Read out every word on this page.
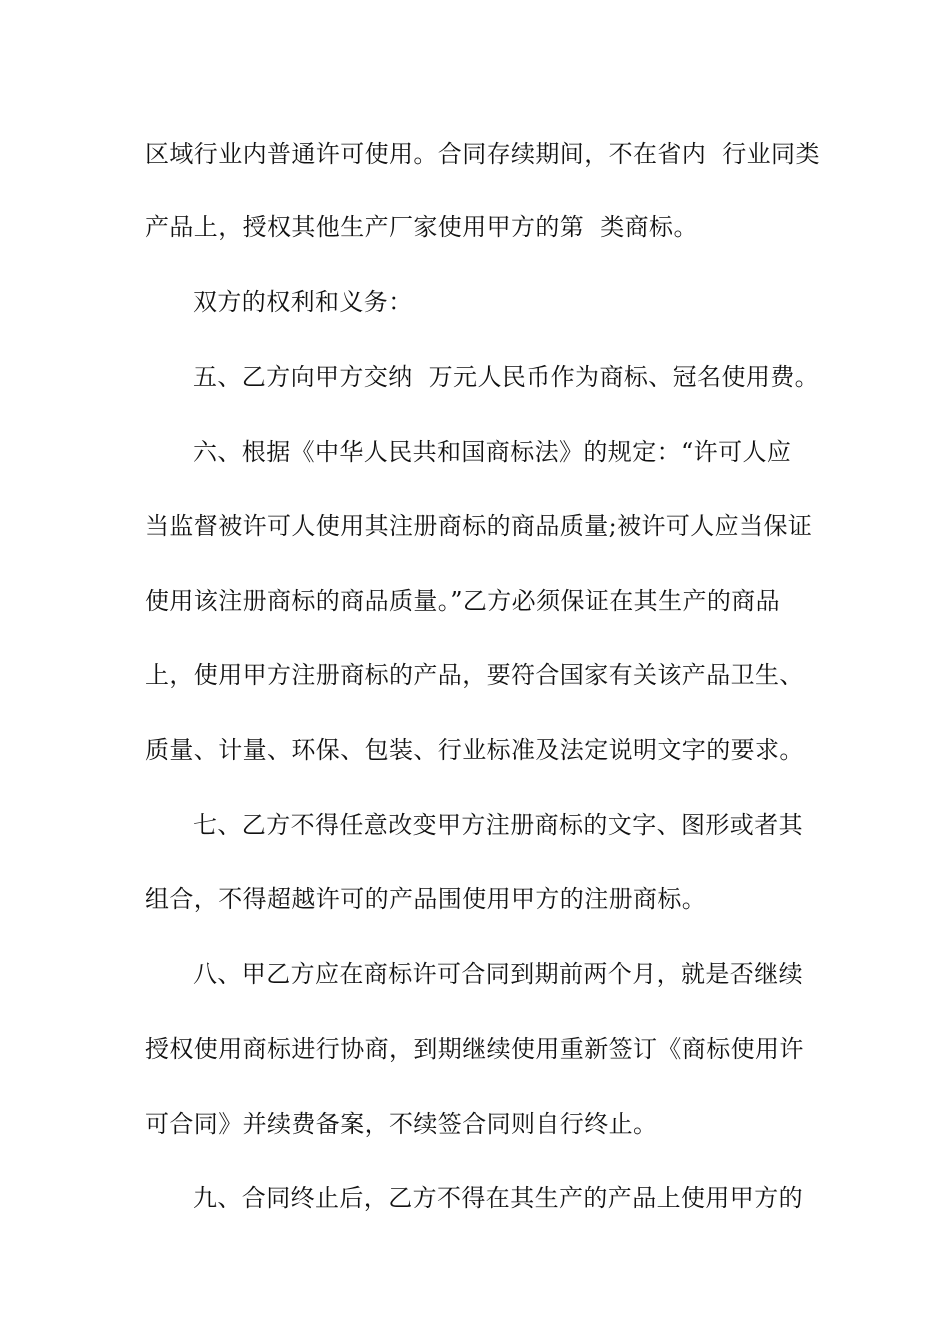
区域行业内普通许可使用。合同存续期间，不在省内  行业同类
产品上，授权其他生产厂家使用甲方的第  类商标。
双方的权利和义务：
五、乙方向甲方交纳  万元人民币作为商标、冠名使用费。
六、根据《中华人民共和国商标法》的规定：“许可人应
当监督被许可人使用其注册商标的商品质量;被许可人应当保证
使用该注册商标的商品质量。”乙方必须保证在其生产的商品
上，使用甲方注册商标的产品，要符合国家有关该产品卫生、
质量、计量、环保、包装、行业标准及法定说明文字的要求。
七、乙方不得任意改变甲方注册商标的文字、图形或者其
组合，不得超越许可的产品围使用甲方的注册商标。
八、甲乙方应在商标许可合同到期前两个月，就是否继续
授权使用商标进行协商，到期继续使用重新签订《商标使用许
可合同》并续费备案，不续签合同则自行终止。
九、合同终止后，乙方不得在其生产的产品上使用甲方的
